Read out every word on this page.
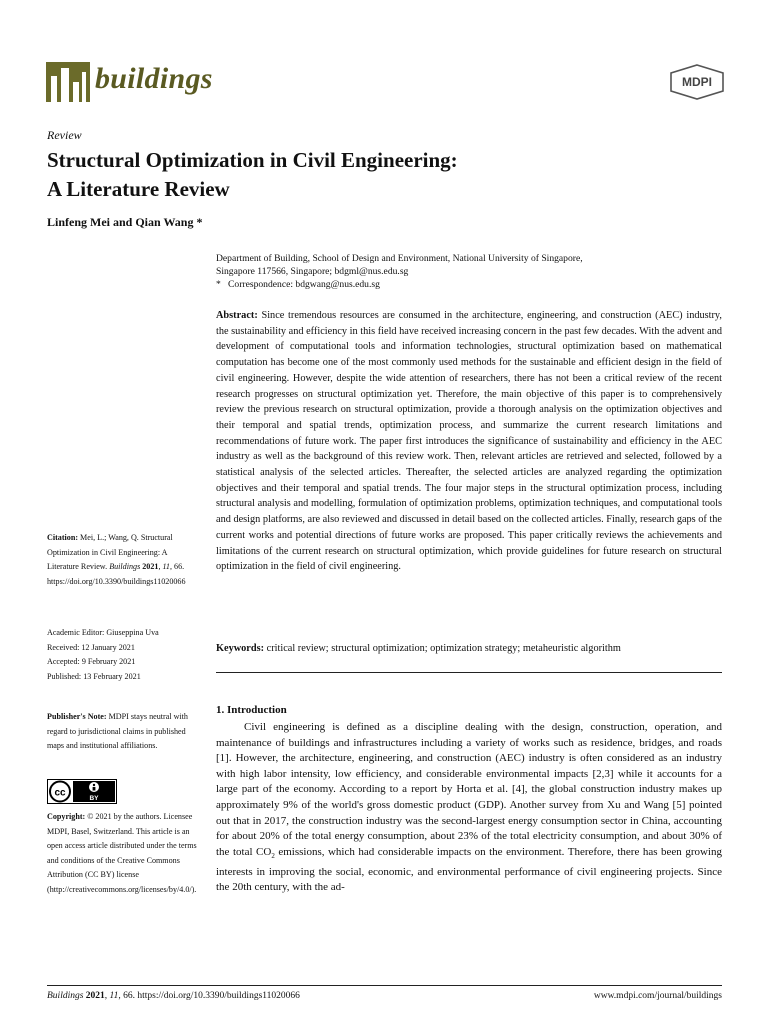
buildings	MDPI
Review
Structural Optimization in Civil Engineering:
A Literature Review
Linfeng Mei and Qian Wang *
Department of Building, School of Design and Environment, National University of Singapore,
Singapore 117566, Singapore; bdgml@nus.edu.sg
* Correspondence: bdgwang@nus.edu.sg
Abstract: Since tremendous resources are consumed in the architecture, engineering, and construction (AEC) industry, the sustainability and efficiency in this field have received increasing concern in the past few decades. With the advent and development of computational tools and information technologies, structural optimization based on mathematical computation has become one of the most commonly used methods for the sustainable and efficient design in the field of civil engineering. However, despite the wide attention of researchers, there has not been a critical review of the recent research progresses on structural optimization yet. Therefore, the main objective of this paper is to comprehensively review the previous research on structural optimization, provide a thorough analysis on the optimization objectives and their temporal and spatial trends, optimization process, and summarize the current research limitations and recommendations of future work. The paper first introduces the significance of sustainability and efficiency in the AEC industry as well as the background of this review work. Then, relevant articles are retrieved and selected, followed by a statistical analysis of the selected articles. Thereafter, the selected articles are analyzed regarding the optimization objectives and their temporal and spatial trends. The four major steps in the structural optimization process, including structural analysis and modelling, formulation of optimization problems, optimization techniques, and computational tools and design platforms, are also reviewed and discussed in detail based on the collected articles. Finally, research gaps of the current works and potential directions of future works are proposed. This paper critically reviews the achievements and limitations of the current research on structural optimization, which provide guidelines for future research on structural optimization in the field of civil engineering.
Keywords: critical review; structural optimization; optimization strategy; metaheuristic algorithm
1. Introduction
Civil engineering is defined as a discipline dealing with the design, construction, operation, and maintenance of buildings and infrastructures including a variety of works such as residence, bridges, and roads [1]. However, the architecture, engineering, and construction (AEC) industry is often considered as an industry with high labor intensity, low efficiency, and considerable environmental impacts [2,3] while it accounts for a large part of the economy. According to a report by Horta et al. [4], the global construction industry makes up approximately 9% of the world's gross domestic product (GDP). Another survey from Xu and Wang [5] pointed out that in 2017, the construction industry was the second-largest energy consumption sector in China, accounting for about 20% of the total energy consumption, about 23% of the total electricity consumption, and about 30% of the total $CO_2$ emissions, which had considerable impacts on the environment. Therefore, there has been growing interests in improving the social, economic, and environmental performance of civil engineering projects. Since the 20th century, with the ad-
Citation: Mei, L.; Wang, Q. Structural Optimization in Civil Engineering: A Literature Review. Buildings 2021, 11, 66. https://doi.org/10.3390/buildings11020066
Academic Editor: Giuseppina Uva
Received: 12 January 2021
Accepted: 9 February 2021
Published: 13 February 2021
Publisher's Note: MDPI stays neutral with regard to jurisdictional claims in published maps and institutional affiliations.
cc	BY
Copyright: © 2021 by the authors. Licensee MDPI, Basel, Switzerland. This article is an open access article distributed under the terms and conditions of the Creative Commons Attribution (CC BY) license (http://creativecommons.org/licenses/by/4.0/).
Buildings 2021, 11, 66. https://doi.org/10.3390/buildings11020066	www.mdpi.com/journal/buildings
